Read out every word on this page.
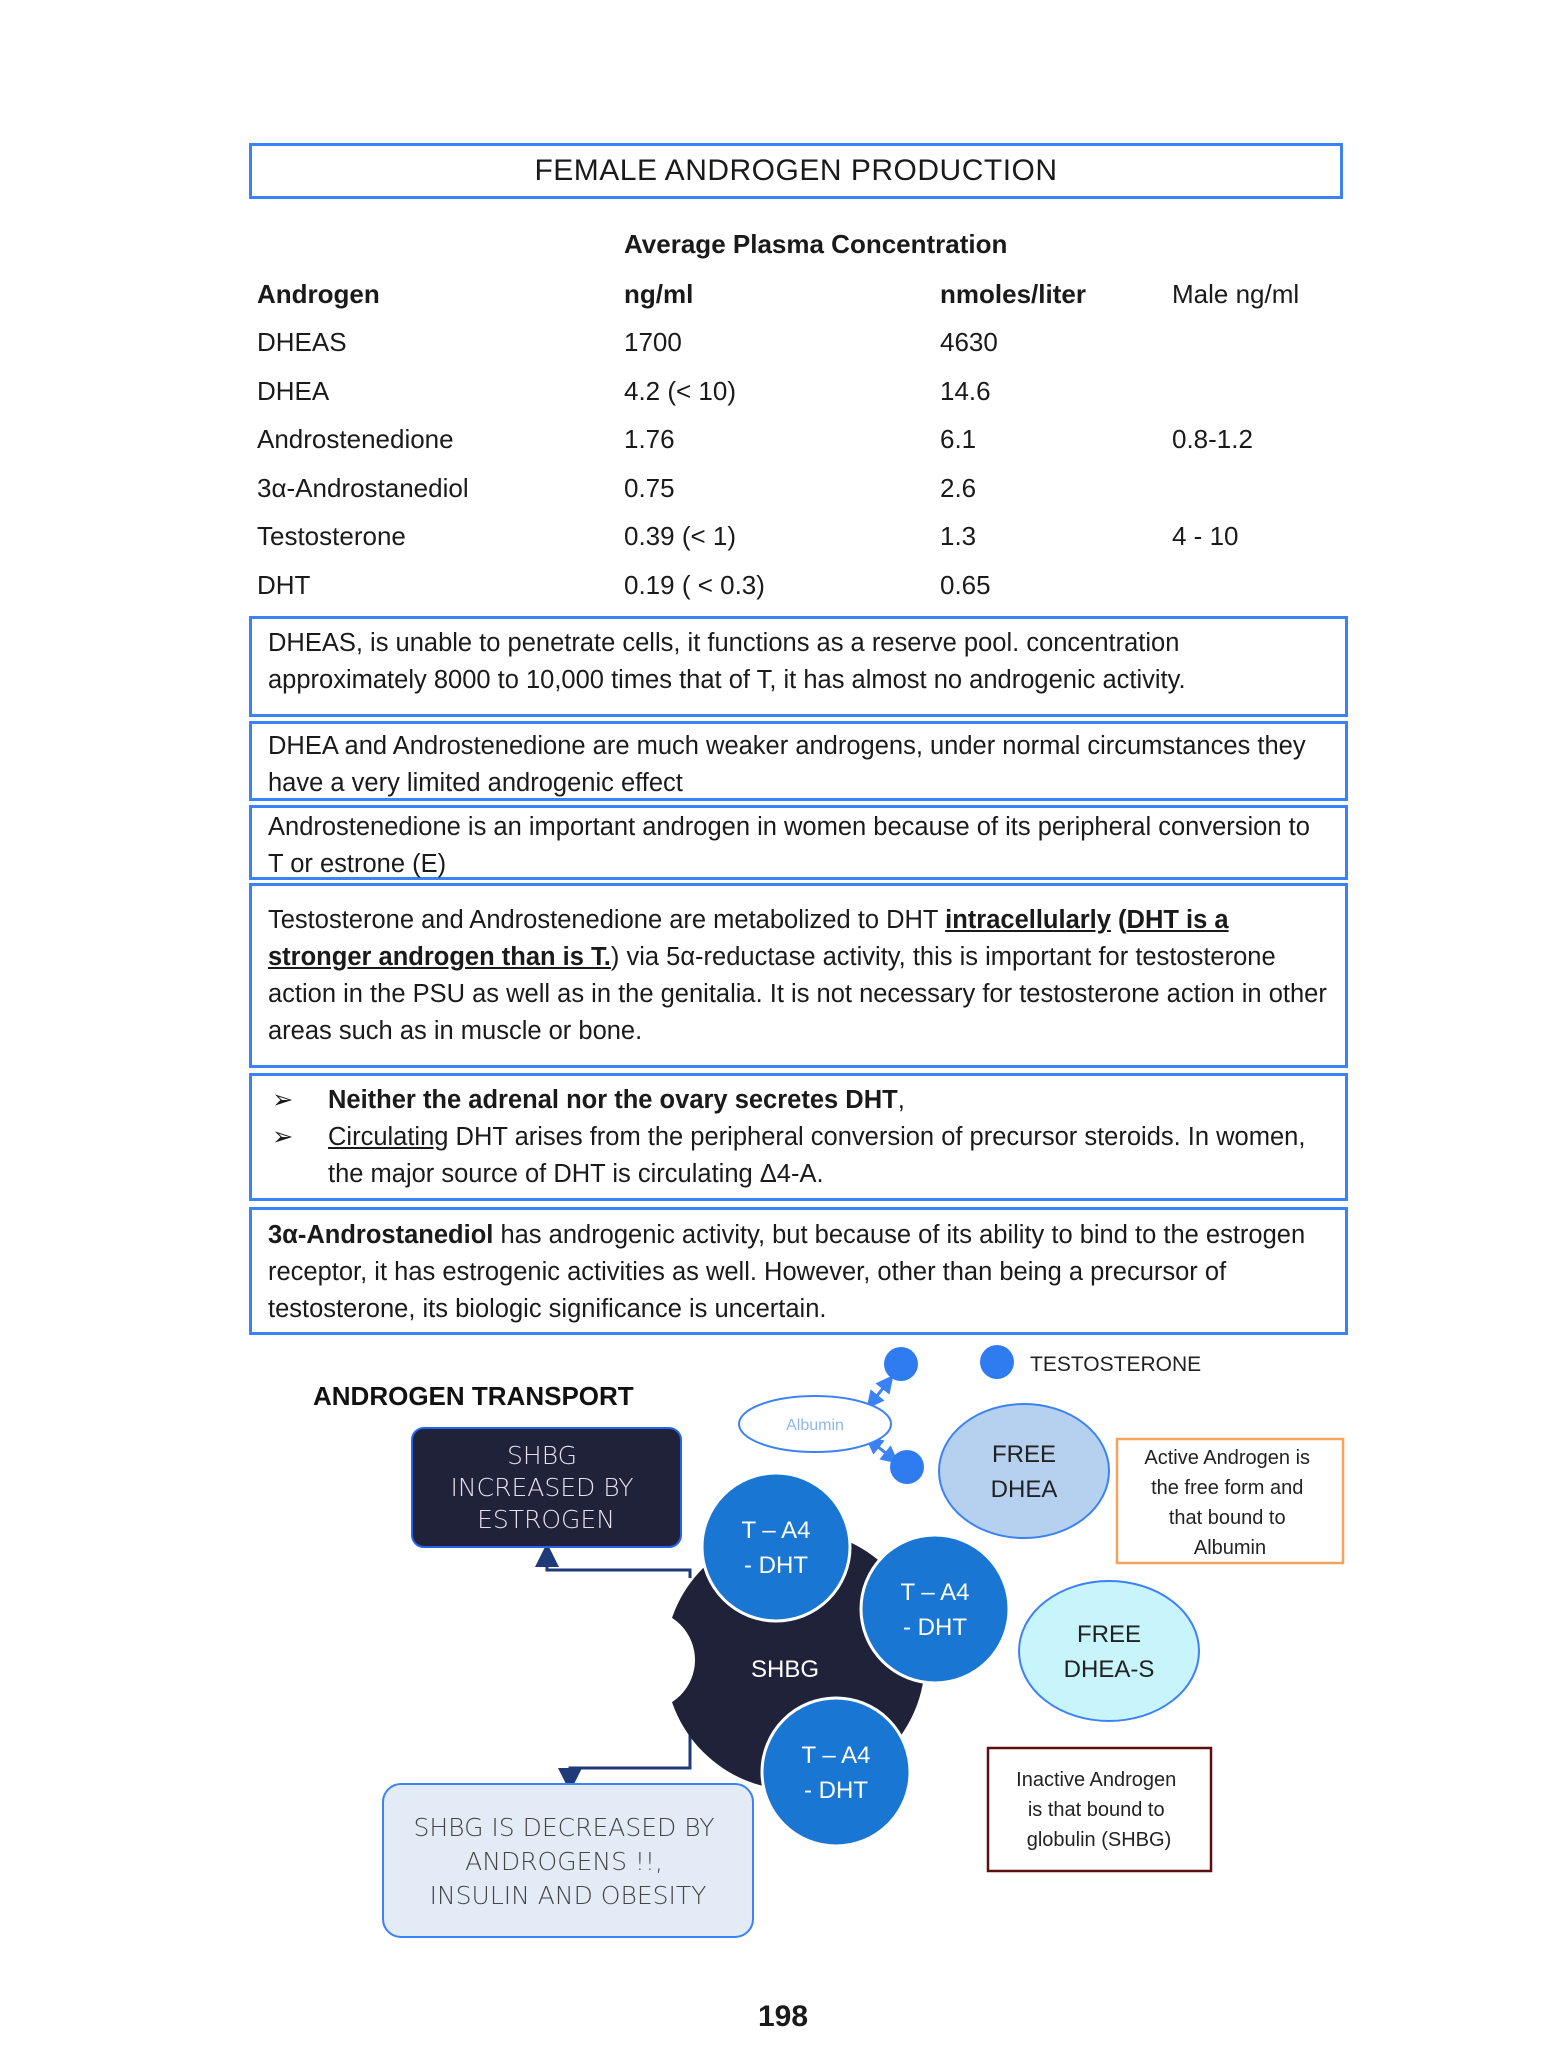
FEMALE ANDROGEN PRODUCTION
Average Plasma Concentration
Androgen	ng/ml	nmoles/liter	Male ng/ml
DHEAS	1700	4630
DHEA	4.2 (< 10)	14.6
Androstenedione	1.76	6.1	0.8-1.2
3α-Androstanediol	0.75	2.6
Testosterone	0.39 (< 1)	1.3	4 - 10
DHT	0.19 ( < 0.3)	0.65
DHEAS, is unable to penetrate cells, it functions as a reserve pool. concentration approximately 8000 to 10,000 times that of T, it has almost no androgenic activity.
DHEA and Androstenedione are much weaker androgens, under normal circumstances they have a very limited androgenic effect
Androstenedione is an important androgen in women because of its peripheral conversion to T or estrone (E)
Testosterone and Androstenedione are metabolized to DHT intracellularly (DHT is a stronger androgen than is T.) via 5α-reductase activity, this is important for testosterone action in the PSU as well as in the genitalia. It is not necessary for testosterone action in other areas such as in muscle or bone.
➢ Neither the adrenal nor the ovary secretes DHT,
➢ Circulating DHT arises from the peripheral conversion of precursor steroids. In women, the major source of DHT is circulating Δ4-A.
3α-Androstanediol has androgenic activity, but because of its ability to bind to the estrogen receptor, it has estrogenic activities as well. However, other than being a precursor of testosterone, its biologic significance is uncertain.
ANDROGEN TRANSPORT
SHBG INCREASED BY ESTROGEN
SHBG IS DECREASED BY ANDROGENS !!, INSULIN AND OBESITY
SHBG
T – A4 - DHT
T – A4 - DHT
T – A4 - DHT
Albumin
TESTOSTERONE
FREE DHEA
FREE DHEA-S
Active Androgen is the free form and that bound to Albumin
Inactive Androgen is that bound to globulin (SHBG)
198
